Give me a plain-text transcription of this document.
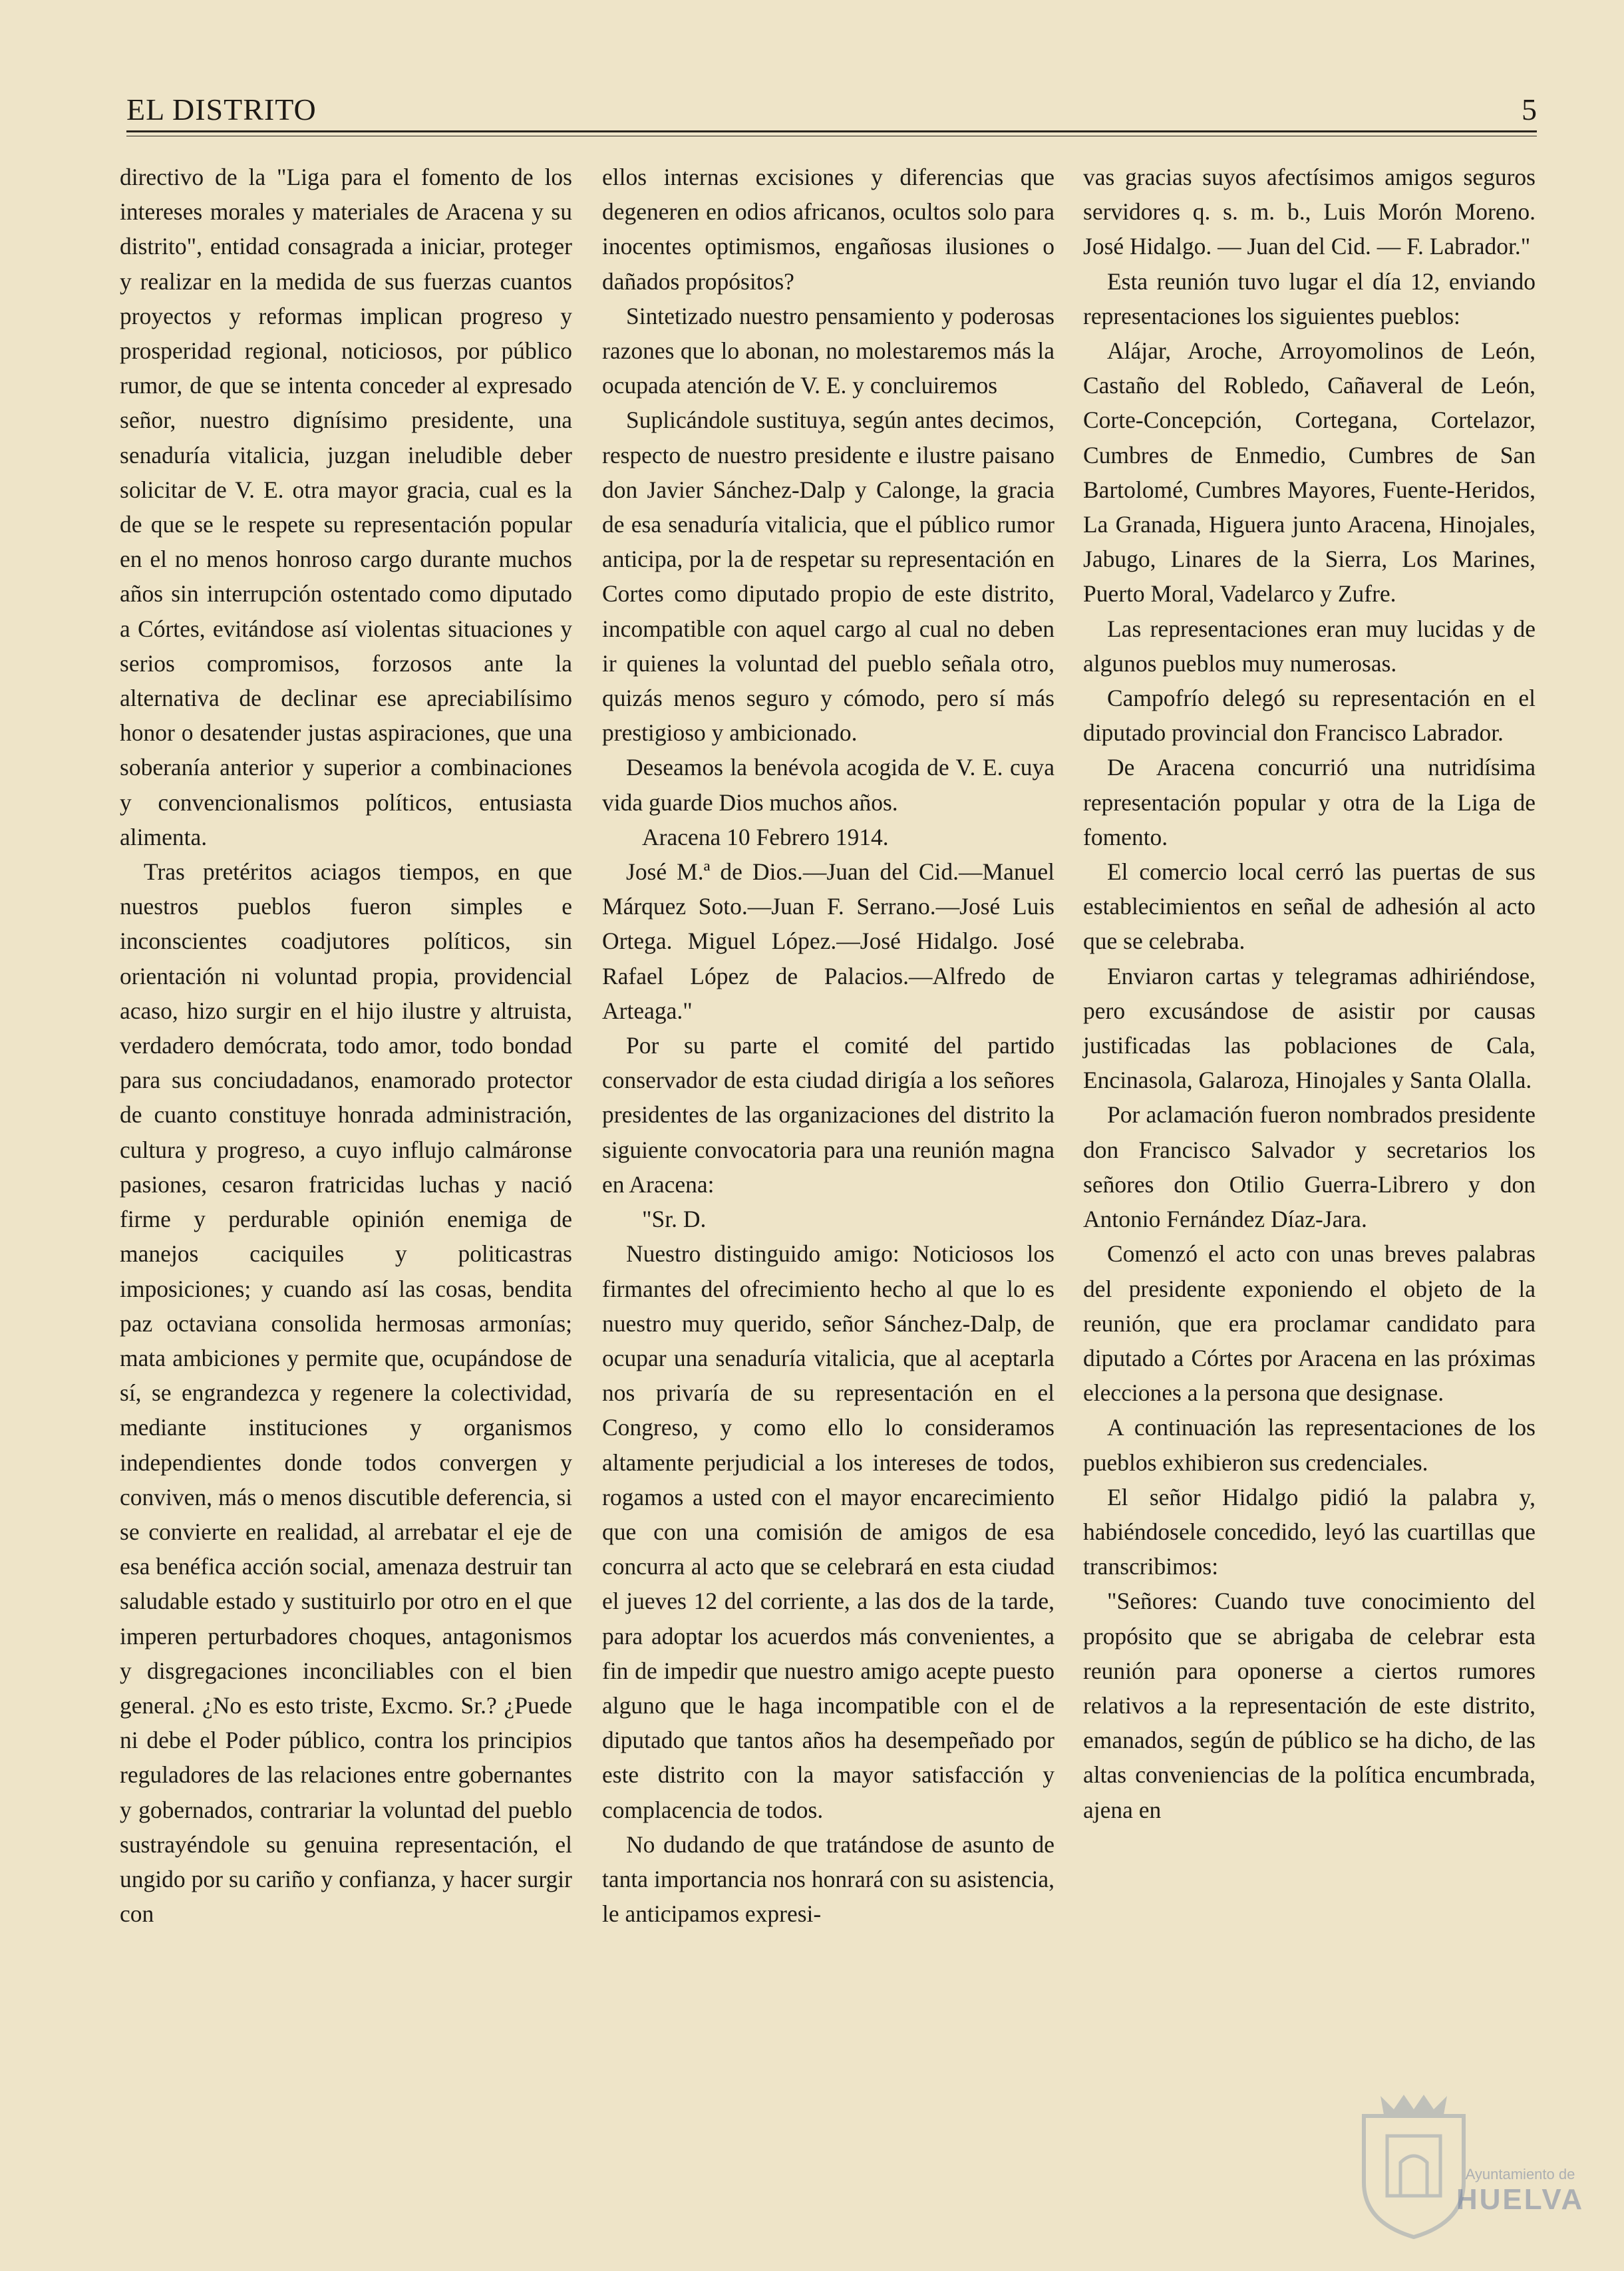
EL DISTRITO	5

directivo de la "Liga para el fomento de los intereses morales y materiales de Aracena y su distrito", entidad consagrada a iniciar, proteger y realizar en la medida de sus fuerzas cuantos proyectos y reformas implican progreso y prosperidad regional, noticiosos, por público rumor, de que se intenta conceder al expresado señor, nuestro dignísimo presidente, una senaduría vitalicia, juzgan ineludible deber solicitar de V. E. otra mayor gracia, cual es la de que se le respete su representación popular en el no menos honroso cargo durante muchos años sin interrupción ostentado como diputado a Córtes, evitándose así violentas situaciones y serios compromisos, forzosos ante la alternativa de declinar ese apreciabilísimo honor o desatender justas aspiraciones, que una soberanía anterior y superior a combinaciones y convencionalismos políticos, entusiasta alimenta.

Tras pretéritos aciagos tiempos, en que nuestros pueblos fueron simples e inconscientes coadjutores políticos, sin orientación ni voluntad propia, providencial acaso, hizo surgir en el hijo ilustre y altruista, verdadero demócrata, todo amor, todo bondad para sus conciudadanos, enamorado protector de cuanto constituye honrada administración, cultura y progreso, a cuyo influjo calmáronse pasiones, cesaron fratricidas luchas y nació firme y perdurable opinión enemiga de manejos caciquiles y politicastras imposiciones; y cuando así las cosas, bendita paz octaviana consolida hermosas armonías; mata ambiciones y permite que, ocupándose de sí, se engrandezca y regenere la colectividad, mediante instituciones y organismos independientes donde todos convergen y conviven, más o menos discutible deferencia, si se convierte en realidad, al arrebatar el eje de esa benéfica acción social, amenaza destruir tan saludable estado y sustituirlo por otro en el que imperen perturbadores choques, antagonismos y disgregaciones inconciliables con el bien general. ¿No es esto triste, Excmo. Sr.? ¿Puede ni debe el Poder público, contra los principios reguladores de las relaciones entre gobernantes y gobernados, contrariar la voluntad del pueblo sustrayéndole su genuina representación, el ungido por su cariño y confianza, y hacer surgir con

ellos internas excisiones y diferencias que degeneren en odios africanos, ocultos solo para inocentes optimismos, engañosas ilusiones o dañados propósitos?

Sintetizado nuestro pensamiento y poderosas razones que lo abonan, no molestaremos más la ocupada atención de V. E. y concluiremos

Suplicándole sustituya, según antes decimos, respecto de nuestro presidente e ilustre paisano don Javier Sánchez-Dalp y Calonge, la gracia de esa senaduría vitalicia, que el público rumor anticipa, por la de respetar su representación en Cortes como diputado propio de este distrito, incompatible con aquel cargo al cual no deben ir quienes la voluntad del pueblo señala otro, quizás menos seguro y cómodo, pero sí más prestigioso y ambicionado.

Deseamos la benévola acogida de V. E. cuya vida guarde Dios muchos años.

Aracena 10 Febrero 1914.

José M.ª de Dios.—Juan del Cid.—Manuel Márquez Soto.—Juan F. Serrano.—José Luis Ortega. Miguel López.—José Hidalgo. José Rafael López de Palacios.—Alfredo de Arteaga."

Por su parte el comité del partido conservador de esta ciudad dirigía a los señores presidentes de las organizaciones del distrito la siguiente convocatoria para una reunión magna en Aracena:

"Sr. D.

Nuestro distinguido amigo: Noticiosos los firmantes del ofrecimiento hecho al que lo es nuestro muy querido, señor Sánchez-Dalp, de ocupar una senaduría vitalicia, que al aceptarla nos privaría de su representación en el Congreso, y como ello lo consideramos altamente perjudicial a los intereses de todos, rogamos a usted con el mayor encarecimiento que con una comisión de amigos de esa concurra al acto que se celebrará en esta ciudad el jueves 12 del corriente, a las dos de la tarde, para adoptar los acuerdos más convenientes, a fin de impedir que nuestro amigo acepte puesto alguno que le haga incompatible con el de diputado que tantos años ha desempeñado por este distrito con la mayor satisfacción y complacencia de todos.

No dudando de que tratándose de asunto de tanta importancia nos honrará con su asistencia, le anticipamos expresi-

vas gracias suyos afectísimos amigos seguros servidores q. s. m. b., Luis Morón Moreno. José Hidalgo. — Juan del Cid. — F. Labrador."

Esta reunión tuvo lugar el día 12, enviando representaciones los siguientes pueblos:

Alájar, Aroche, Arroyomolinos de León, Castaño del Robledo, Cañaveral de León, Corte-Concepción, Cortegana, Cortelazor, Cumbres de Enmedio, Cumbres de San Bartolomé, Cumbres Mayores, Fuente-Heridos, La Granada, Higuera junto Aracena, Hinojales, Jabugo, Linares de la Sierra, Los Marines, Puerto Moral, Vadelarco y Zufre.

Las representaciones eran muy lucidas y de algunos pueblos muy numerosas.

Campofrío delegó su representación en el diputado provincial don Francisco Labrador.

De Aracena concurrió una nutridísima representación popular y otra de la Liga de fomento.

El comercio local cerró las puertas de sus establecimientos en señal de adhesión al acto que se celebraba.

Enviaron cartas y telegramas adhiriéndose, pero excusándose de asistir por causas justificadas las poblaciones de Cala, Encinasola, Galaroza, Hinojales y Santa Olalla.

Por aclamación fueron nombrados presidente don Francisco Salvador y secretarios los señores don Otilio Guerra-Librero y don Antonio Fernández Díaz-Jara.

Comenzó el acto con unas breves palabras del presidente exponiendo el objeto de la reunión, que era proclamar candidato para diputado a Córtes por Aracena en las próximas elecciones a la persona que designase.

A continuación las representaciones de los pueblos exhibieron sus credenciales.

El señor Hidalgo pidió la palabra y, habiéndosele concedido, leyó las cuartillas que transcribimos:

"Señores: Cuando tuve conocimiento del propósito que se abrigaba de celebrar esta reunión para oponerse a ciertos rumores relativos a la representación de este distrito, emanados, según de público se ha dicho, de las altas conveniencias de la política encumbrada, ajena en

Ayuntamiento de
HUELVA
